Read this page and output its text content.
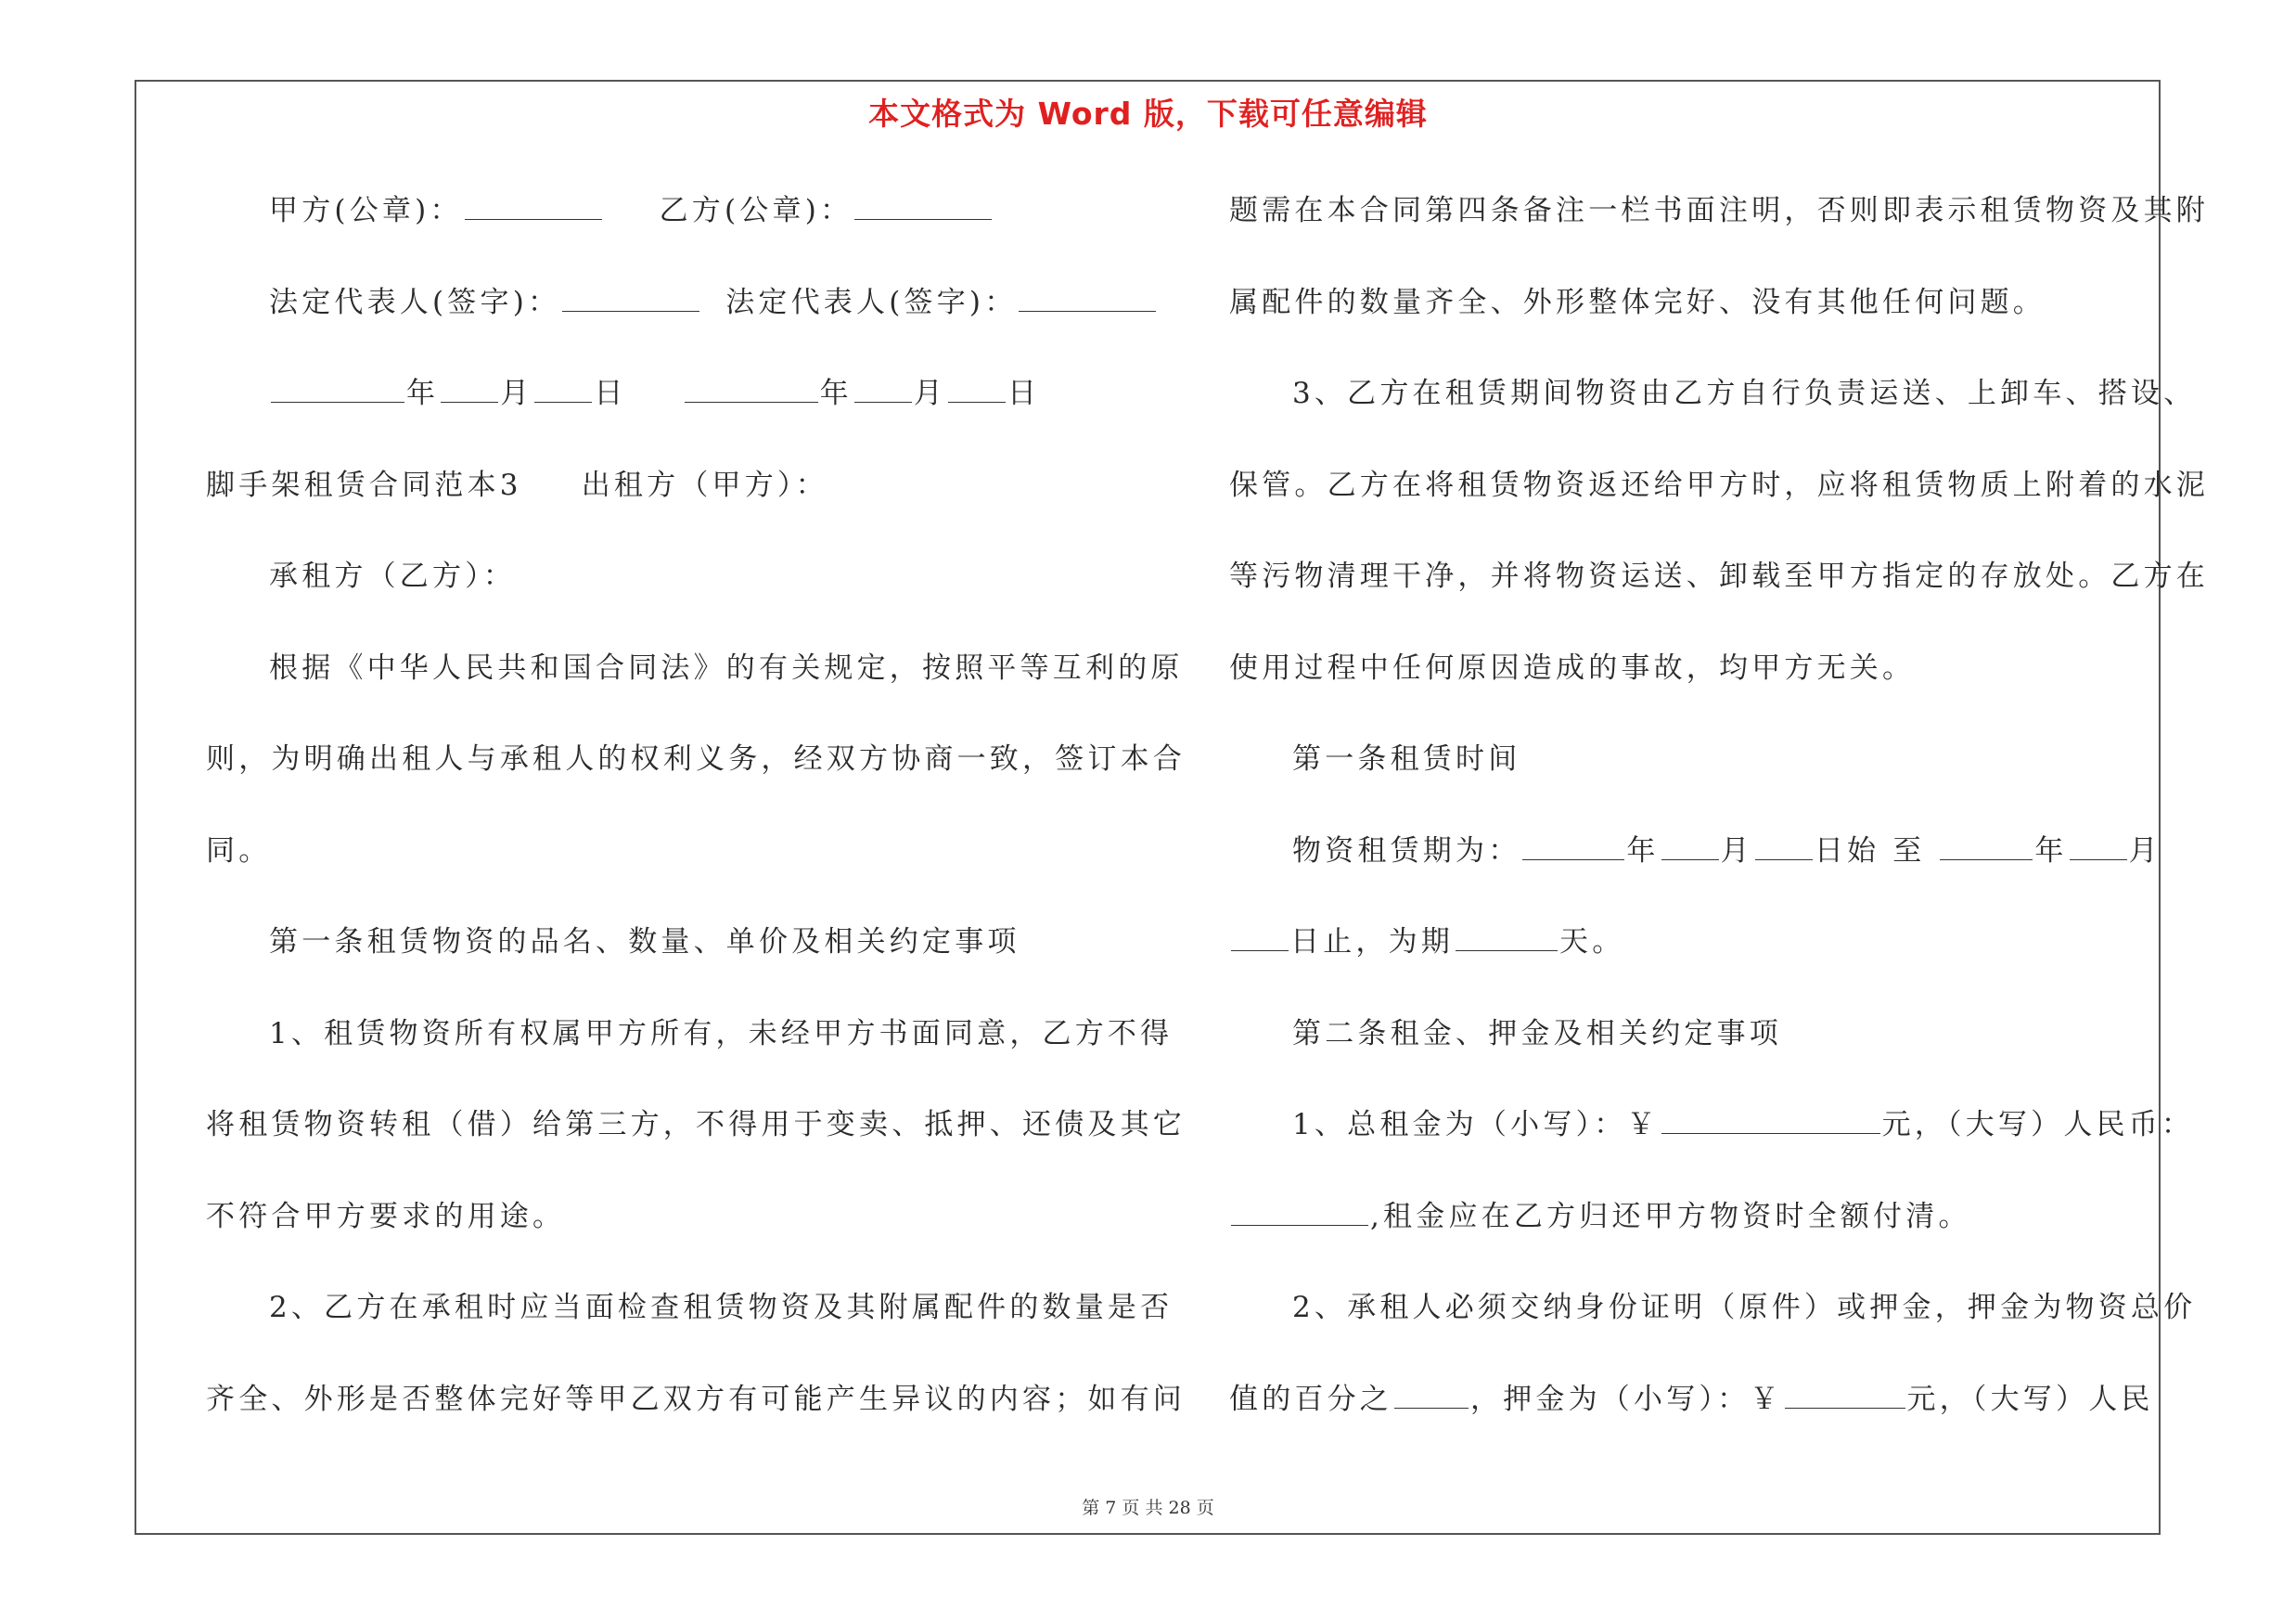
本文格式为 Word 版，下载可任意编辑
甲方(公章)：	乙方(公章)：
法定代表人(签字)：	法定代表人(签字)：
年 月 日	年 月 日
脚手架租赁合同范本3 出租方（甲方）：
承租方（乙方）：
根据《中华人民共和国合同法》的有关规定，按照平等互利的原
则，为明确出租人与承租人的权利义务，经双方协商一致，签订本合
同。
第一条租赁物资的品名、数量、单价及相关约定事项
1、租赁物资所有权属甲方所有，未经甲方书面同意，乙方不得
将租赁物资转租（借）给第三方，不得用于变卖、抵押、还债及其它
不符合甲方要求的用途。
2、乙方在承租时应当面检查租赁物资及其附属配件的数量是否
齐全、外形是否整体完好等甲乙双方有可能产生异议的内容；如有问
题需在本合同第四条备注一栏书面注明，否则即表示租赁物资及其附
属配件的数量齐全、外形整体完好、没有其他任何问题。
3、乙方在租赁期间物资由乙方自行负责运送、上卸车、搭设、
保管。乙方在将租赁物资返还给甲方时，应将租赁物质上附着的水泥
等污物清理干净，并将物资运送、卸载至甲方指定的存放处。乙方在
使用过程中任何原因造成的事故，均甲方无关。
第一条租赁时间
物资租赁期为：	年 月 日始 至	年 月
日止，为期	天。
第二条租金、押金及相关约定事项
1、总租金为（小写）：￥	元，（大写）人民币：
,租金应在乙方归还甲方物资时全额付清。
2、承租人必须交纳身份证明（原件）或押金，押金为物资总价
值的百分之	，押金为（小写）：￥	元，（大写）人民
第 7 页 共 28 页
